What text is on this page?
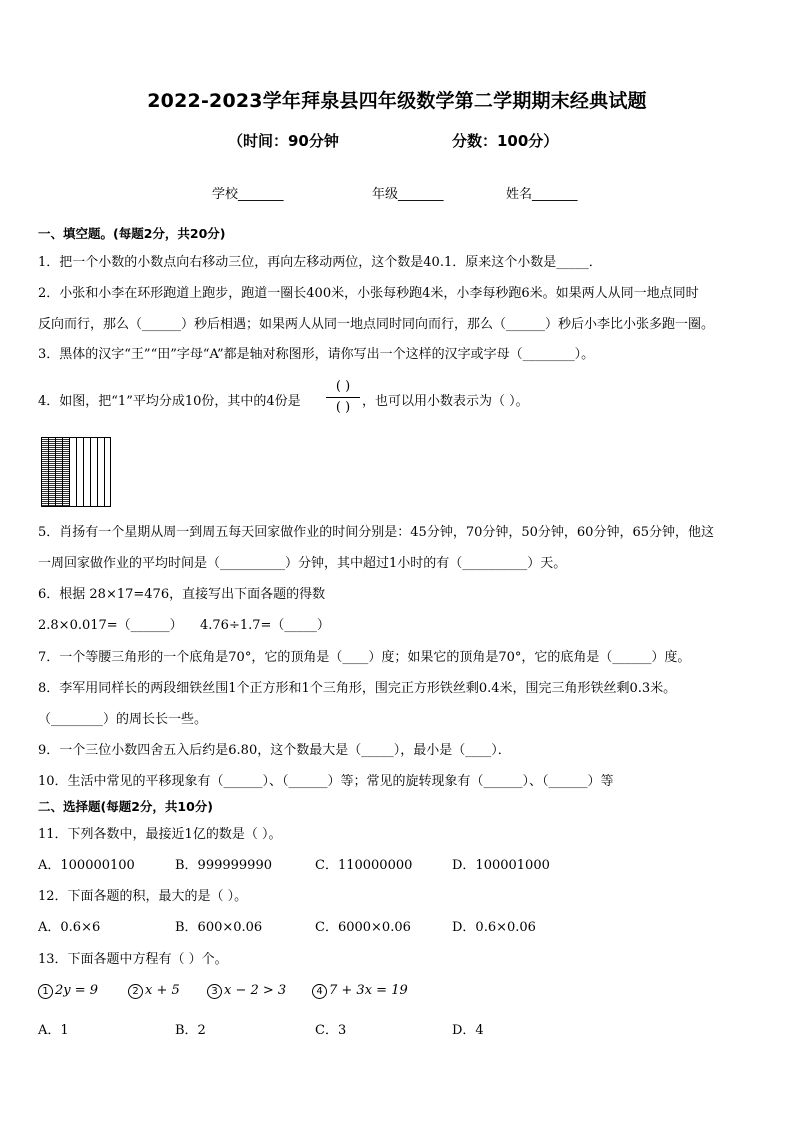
2022-2023学年拜泉县四年级数学第二学期期末经典试题
（时间：90分钟	分数：100分）
学校_______	年级_______	姓名_______
一、填空题。(每题2分，共20分)
1．把一个小数的小数点向右移动三位，再向左移动两位，这个数是40.1．原来这个小数是_____．
2．小张和小李在环形跑道上跑步，跑道一圈长400米，小张每秒跑4米，小李每秒跑6米。如果两人从同一地点同时
反向而行，那么（______）秒后相遇；如果两人从同一地点同时同向而行，那么（______）秒后小李比小张多跑一圈。
3．黑体的汉字“王”“田”字母“A”都是轴对称图形，请你写出一个这样的汉字或字母（________）。
4．如图，把“1”平均分成10份，其中的4份是
( )
( ) ，也可以用小数表示为（ ）。
5．肖扬有一个星期从周一到周五每天回家做作业的时间分别是：45分钟，70分钟，50分钟，60分钟，65分钟，他这
一周回家做作业的平均时间是（__________）分钟，其中超过1小时的有（__________）天。
6．根据 28×17=476，直接写出下面各题的得数
2.8×0.017=（______） 4.76÷1.7=（_____）
7．一个等腰三角形的一个底角是70°，它的顶角是（____）度；如果它的顶角是70°，它的底角是（______）度。
8．李军用同样长的两段细铁丝围1个正方形和1个三角形，围完正方形铁丝剩0.4米，围完三角形铁丝剩0.3米。
（________）的周长长一些。
9．一个三位小数四舍五入后约是6.80，这个数最大是（_____），最小是（____）．
10．生活中常见的平移现象有（______）、（______）等；常见的旋转现象有（______）、（______）等
二、选择题(每题2分，共10分)
11．下列各数中，最接近1亿的数是（ ）。
A．100000100	B．999999990	C．110000000	D．100001000
12．下面各题的积，最大的是（ ）。
A．0.6×6	B．600×0.06	C．6000×0.06	D．0.6×0.06
13．下面各题中方程有（ ）个。
1 2y = 9	2 x + 5	3 x − 2 > 3	4 7 + 3x = 19
A．1	B．2	C．3	D．4
